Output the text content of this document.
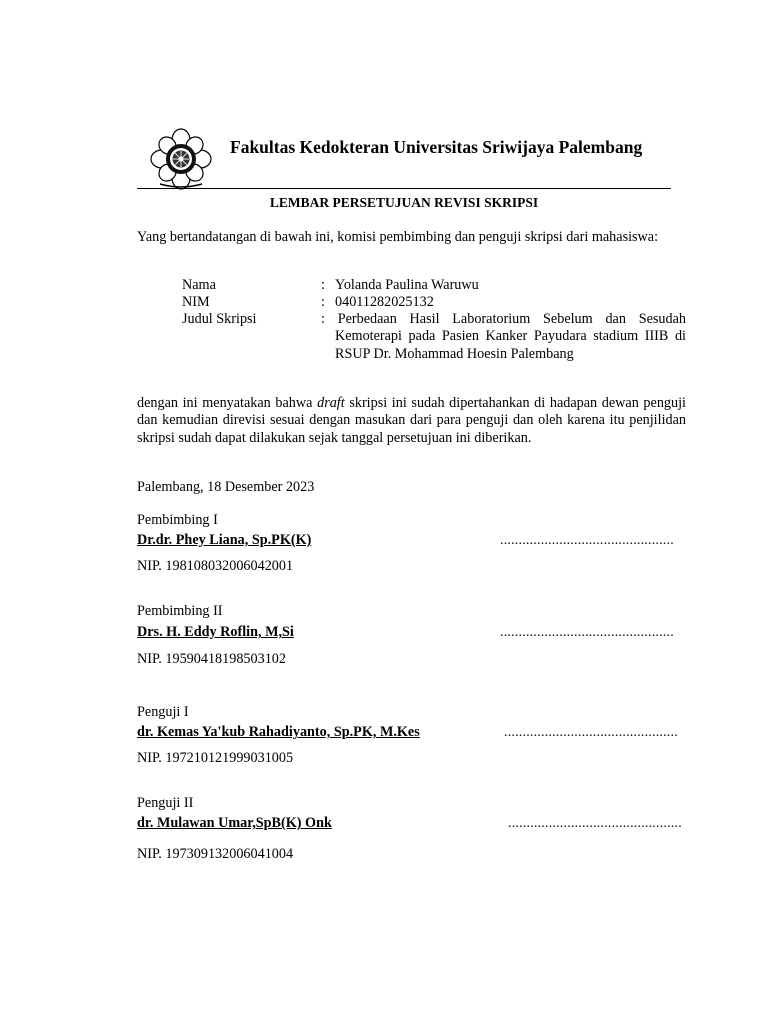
Fakultas Kedokteran Universitas Sriwijaya Palembang
LEMBAR PERSETUJUAN REVISI SKRIPSI
Yang bertandatangan di bawah ini, komisi pembimbing dan penguji skripsi dari mahasiswa:
Nama	: Yolanda Paulina Waruwu
NIM	: 04011282025132
Judul Skripsi	: Perbedaan Hasil Laboratorium Sebelum dan Sesudah
Kemoterapi pada Pasien Kanker Payudara stadium IIIB di
RSUP Dr. Mohammad Hoesin Palembang
dengan ini menyatakan bahwa draft skripsi ini sudah dipertahankan di hadapan dewan penguji dan kemudian direvisi sesuai dengan masukan dari para penguji dan oleh karena itu penjilidan skripsi sudah dapat dilakukan sejak tanggal persetujuan ini diberikan.
Palembang, 18 Desember 2023
Pembimbing I
Dr.dr. Phey Liana, Sp.PK(K)	...............................................
NIP. 198108032006042001
Pembimbing II
Drs. H. Eddy Roflin, M,Si	...............................................
NIP. 19590418198503102
Penguji I
dr. Kemas Ya'kub Rahadiyanto, Sp.PK, M.Kes	...............................................
NIP. 197210121999031005
Penguji II
dr. Mulawan Umar,SpB(K) Onk	...............................................
NIP. 197309132006041004
